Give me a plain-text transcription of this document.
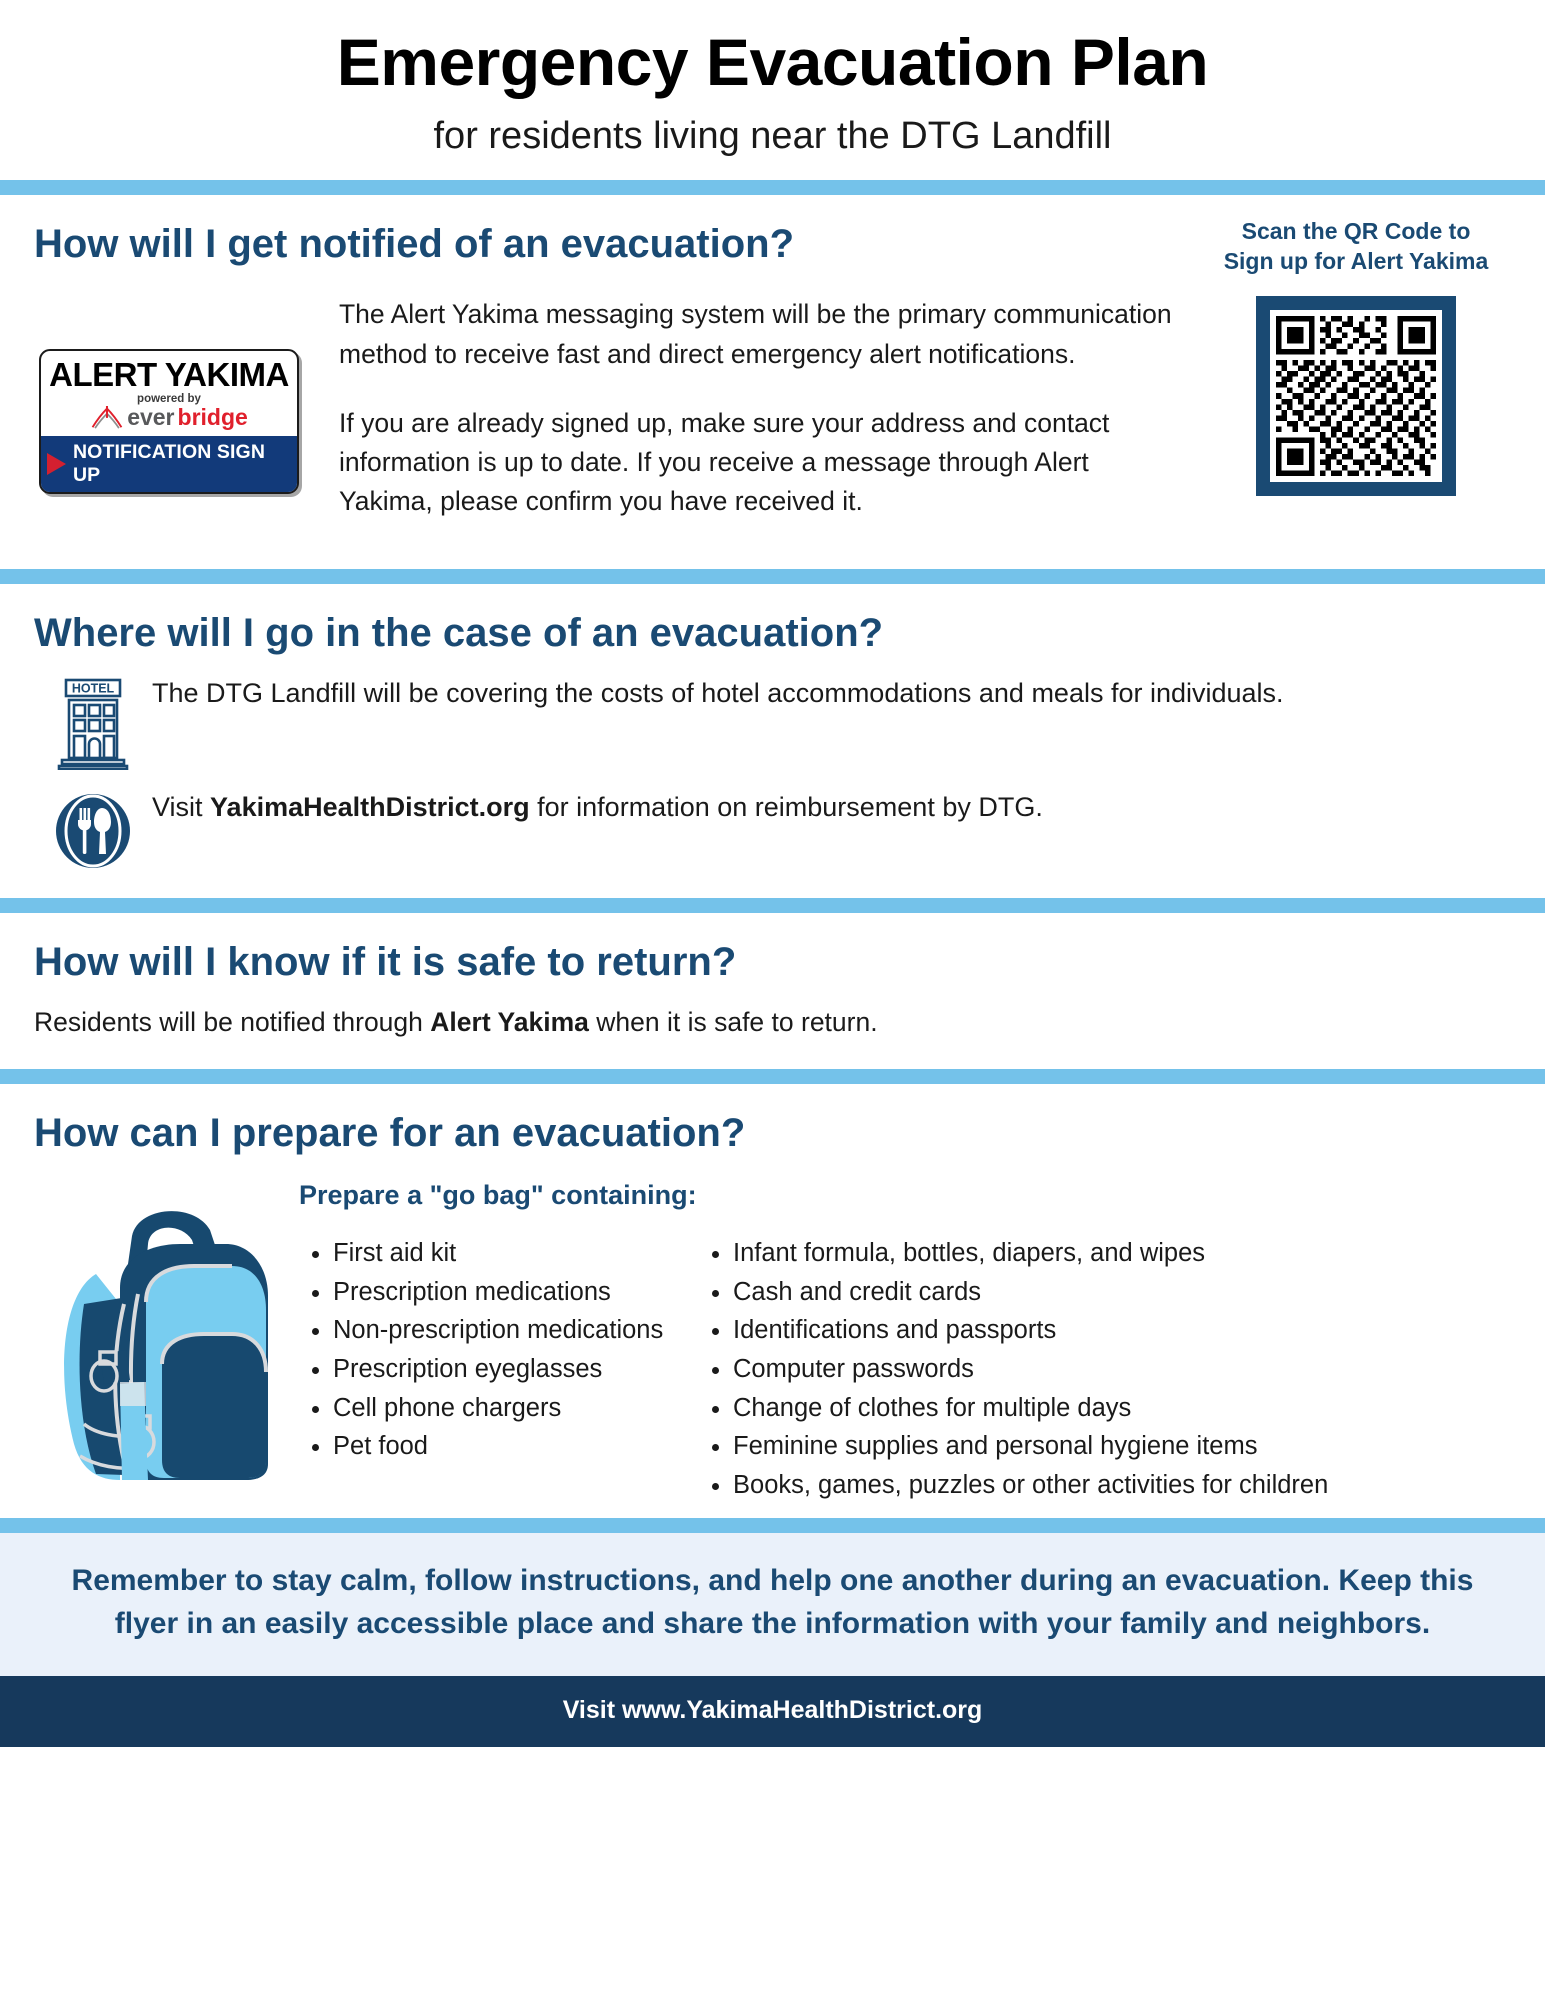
Emergency Evacuation Plan

for residents living near the DTG Landfill

How will I get notified of an evacuation?
ALERT YAKIMA
powered by
ever bridge
NOTIFICATION SIGN UP

The Alert Yakima messaging system will be the primary communication method to receive fast and direct emergency alert notifications.

If you are already signed up, make sure your address and contact information is up to date. If you receive a message through Alert Yakima, please confirm you have received it.

Scan the QR Code to Sign up for Alert Yakima
Where will I go in the case of an evacuation?
HOTEL The DTG Landfill will be covering the costs of hotel accommodations and meals for individuals.
Visit YakimaHealthDistrict.org for information on reimbursement by DTG.
How will I know if it is safe to return?

Residents will be notified through Alert Yakima when it is safe to return.

How can I prepare for an evacuation?
Prepare a "go bag" containing:
• First aid kit
• Prescription medications
• Non-prescription medications
• Prescription eyeglasses
• Cell phone chargers
• Pet food
• Infant formula, bottles, diapers, and wipes
• Cash and credit cards
• Identifications and passports
• Computer passwords
• Change of clothes for multiple days
• Feminine supplies and personal hygiene items
• Books, games, puzzles or other activities for children

Remember to stay calm, follow instructions, and help one another during an evacuation. Keep this flyer in an easily accessible place and share the information with your family and neighbors.

Visit www.YakimaHealthDistrict.org
